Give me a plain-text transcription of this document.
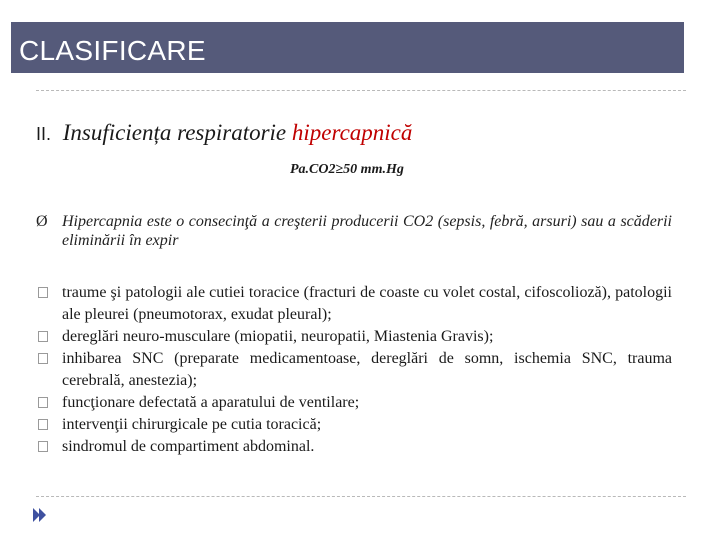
CLASIFICARE
II. Insuficiența respiratorie hipercapnică
Pa.CO2≥50 mm.Hg
Ø Hipercapnia este o consecinţă a creşterii producerii CO2 (sepsis, febră, arsuri) sau a scăderii eliminării în expir
traume şi patologii ale cutiei toracice (fracturi de coaste cu volet costal, cifoscolioză), patologii ale pleurei (pneumotorax, exudat pleural);
dereglări neuro-musculare (miopatii, neuropatii, Miastenia Gravis);
inhibarea SNC (preparate medicamentoase, dereglări de somn, ischemia SNC, trauma cerebrală, anestezia);
funcţionare defectată a aparatului de ventilare;
intervenţii chirurgicale pe cutia toracică;
sindromul de compartiment abdominal.
